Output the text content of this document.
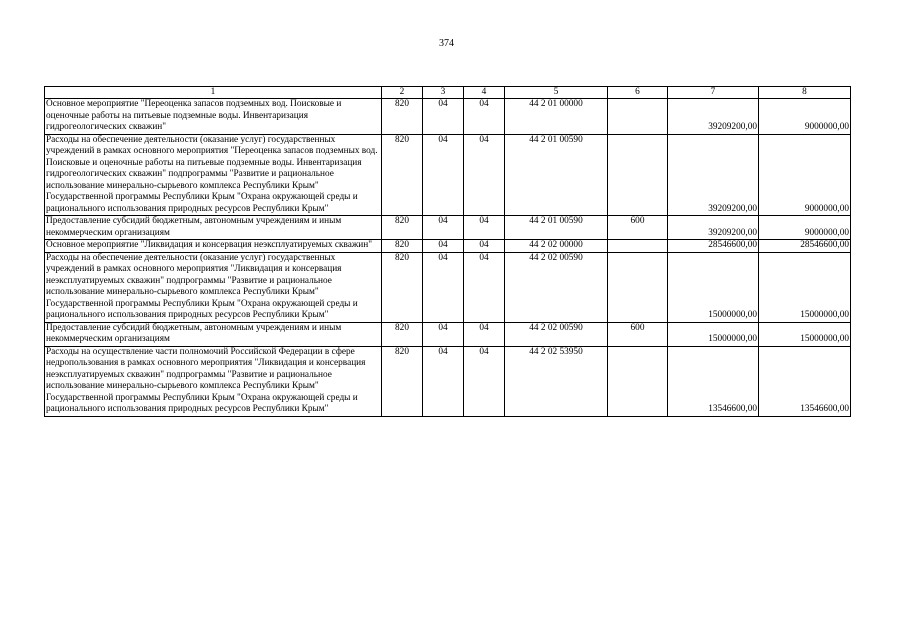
374
1	2	3	4	5	6	7	8
Основное мероприятие "Переоценка запасов подземных вод. Поисковые и оценочные работы на питьевые подземные воды. Инвентаризация гидрогеологических скважин"	820	04	04	44 2 01 00000		39209200,00	9000000,00
Расходы на обеспечение деятельности (оказание услуг) государственных учреждений в рамках основного мероприятия "Переоценка запасов подземных вод. Поисковые и оценочные работы на питьевые подземные воды. Инвентаризация гидрогеологических скважин" подпрограммы "Развитие и рациональное использование минерально-сырьевого комплекса Республики Крым" Государственной программы Республики Крым "Охрана окружающей среды и рационального использования природных ресурсов Республики Крым"	820	04	04	44 2 01 00590		39209200,00	9000000,00
Предоставление субсидий бюджетным, автономным учреждениям и иным некоммерческим организациям	820	04	04	44 2 01 00590	600	39209200,00	9000000,00
Основное мероприятие "Ликвидация и консервация неэксплуатируемых скважин"	820	04	04	44 2 02 00000		28546600,00	28546600,00
Расходы на обеспечение деятельности (оказание услуг) государственных учреждений в рамках основного мероприятия "Ликвидация и консервация неэксплуатируемых скважин" подпрограммы "Развитие и рациональное использование минерально-сырьевого комплекса Республики Крым" Государственной программы Республики Крым "Охрана окружающей среды и рационального использования природных ресурсов Республики Крым"	820	04	04	44 2 02 00590		15000000,00	15000000,00
Предоставление субсидий бюджетным, автономным учреждениям и иным некоммерческим организациям	820	04	04	44 2 02 00590	600	15000000,00	15000000,00
Расходы на осуществление части полномочий Российской Федерации в сфере недропользования в рамках основного мероприятия "Ликвидация и консервация неэксплуатируемых скважин" подпрограммы "Развитие и рациональное использование минерально-сырьевого комплекса Республики Крым" Государственной программы Республики Крым "Охрана окружающей среды и рационального использования природных ресурсов Республики Крым"	820	04	04	44 2 02 53950		13546600,00	13546600,00
